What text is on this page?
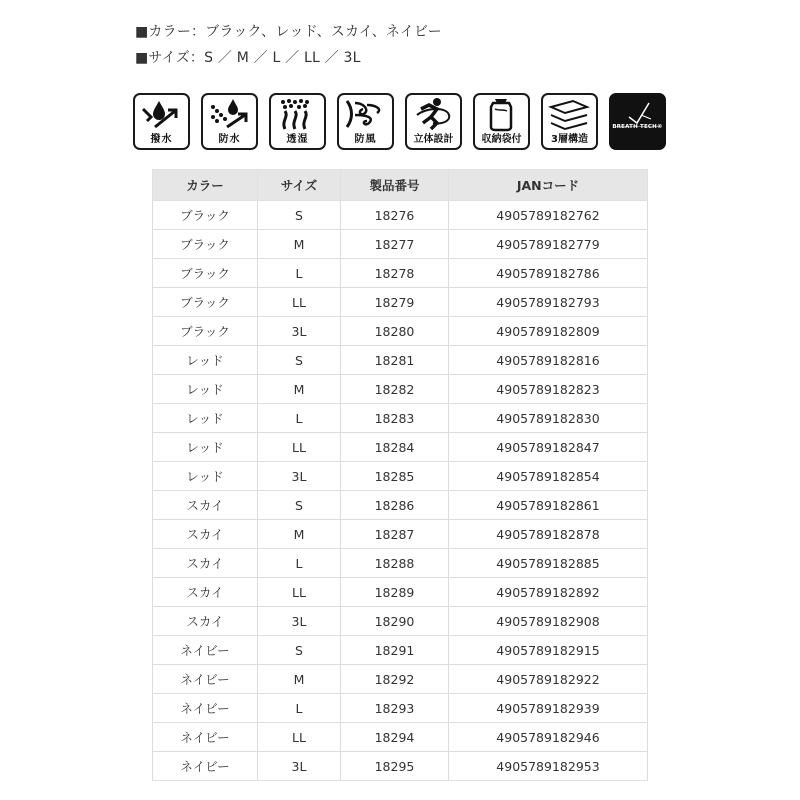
■カラー：ブラック、レッド、スカイ、ネイビー
■サイズ：S ／ M ／ L ／ LL ／ 3L
撥水	防水	透湿	防風	立体設計	収納袋付	3層構造
BREATH TECH®
カラー	サイズ	製品番号	JANコード
ブラック	S	18276	4905789182762
ブラック	M	18277	4905789182779
ブラック	L	18278	4905789182786
ブラック	LL	18279	4905789182793
ブラック	3L	18280	4905789182809
レッド	S	18281	4905789182816
レッド	M	18282	4905789182823
レッド	L	18283	4905789182830
レッド	LL	18284	4905789182847
レッド	3L	18285	4905789182854
スカイ	S	18286	4905789182861
スカイ	M	18287	4905789182878
スカイ	L	18288	4905789182885
スカイ	LL	18289	4905789182892
スカイ	3L	18290	4905789182908
ネイビー	S	18291	4905789182915
ネイビー	M	18292	4905789182922
ネイビー	L	18293	4905789182939
ネイビー	LL	18294	4905789182946
ネイビー	3L	18295	4905789182953
